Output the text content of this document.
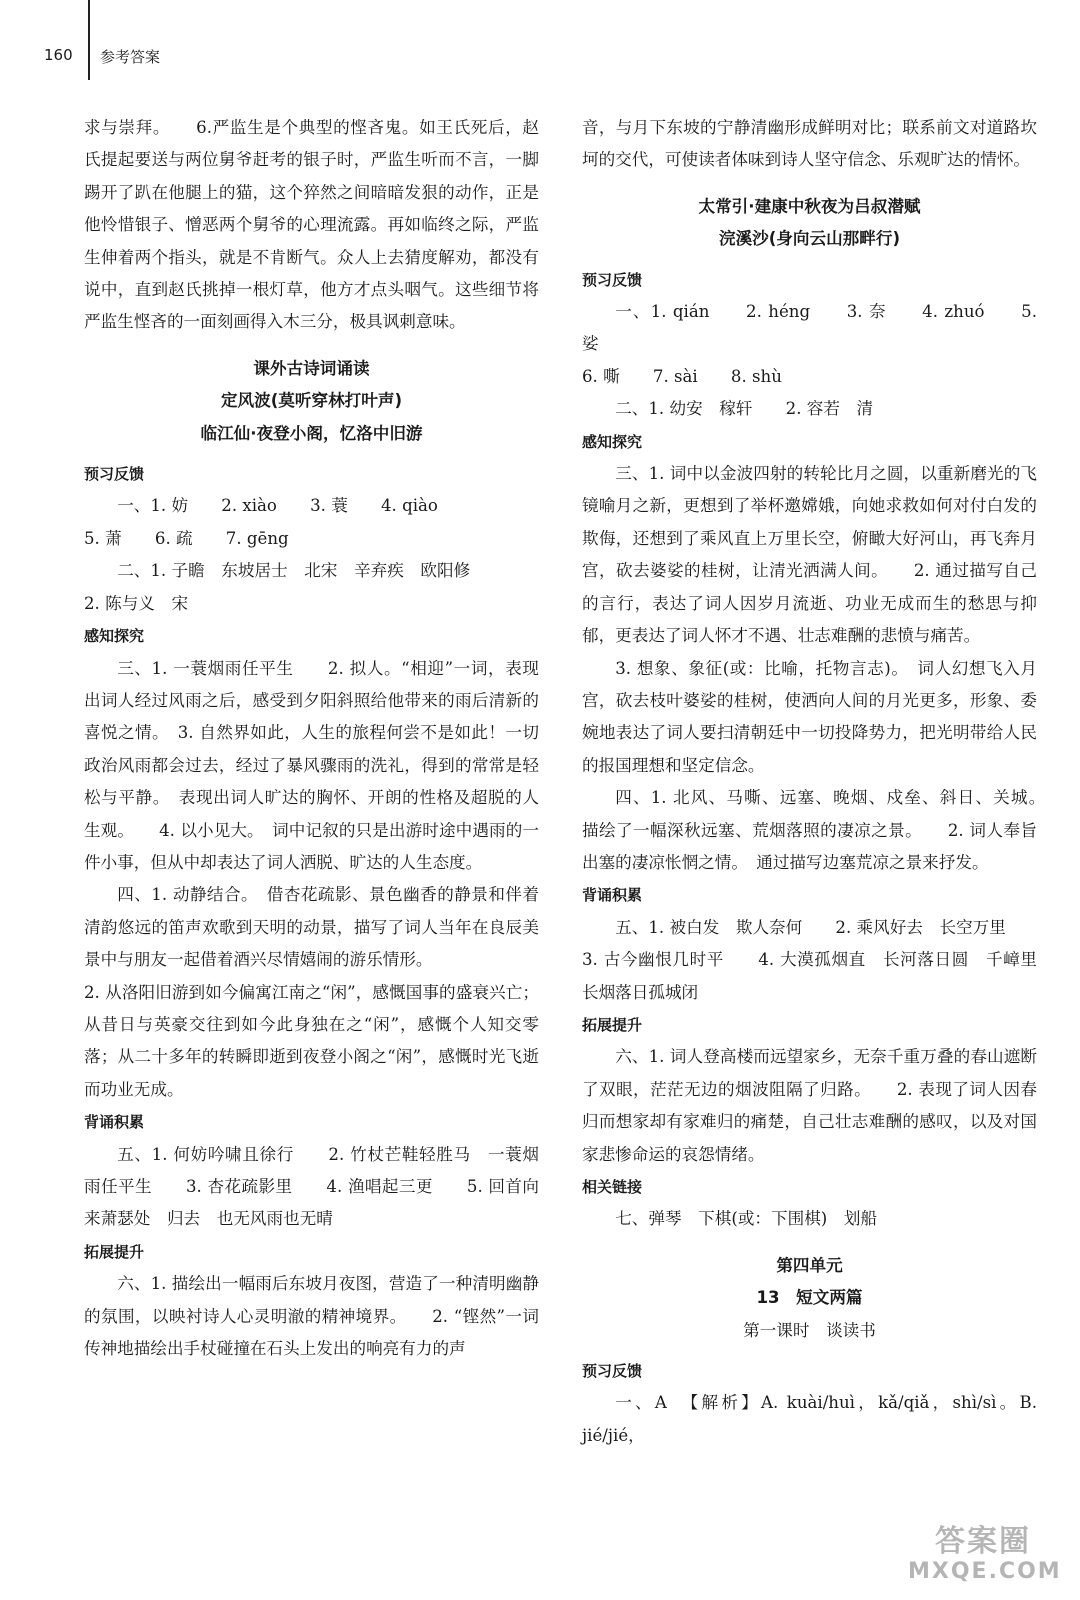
160 参考答案

求与崇拜。　　6.严监生是个典型的悭吝鬼。如王氏死后，赵氏提起要送与两位舅爷赶考的银子时，严监生听而不言，一脚踢开了趴在他腿上的猫，这个猝然之间暗暗发狠的动作，正是他怜惜银子、憎恶两个舅爷的心理流露。再如临终之际，严监生伸着两个指头，就是不肯断气。众人上去猜度解劝，都没有说中，直到赵氏挑掉一根灯草，他方才点头咽气。这些细节将严监生悭吝的一面刻画得入木三分，极具讽刺意味。

课外古诗词诵读

定风波(莫听穿林打叶声)

临江仙·夜登小阁，忆洛中旧游

预习反馈

一、1. 妨　　2. xiào　　3. 蓑　　4. qiào

5. 萧　　6. 疏　　7. gēng

二、1. 子瞻　东坡居士　北宋　辛弃疾　欧阳修

2. 陈与义　宋

感知探究

三、1. 一蓑烟雨任平生　　2. 拟人。“相迎”一词，表现出词人经过风雨之后，感受到夕阳斜照给他带来的雨后清新的喜悦之情。　3. 自然界如此，人生的旅程何尝不是如此！一切政治风雨都会过去，经过了暴风骤雨的洗礼，得到的常常是轻松与平静。　表现出词人旷达的胸怀、开朗的性格及超脱的人生观。　　4. 以小见大。　词中记叙的只是出游时途中遇雨的一件小事，但从中却表达了词人洒脱、旷达的人生态度。

四、1. 动静结合。　借杏花疏影、景色幽香的静景和伴着清韵悠远的笛声欢歌到天明的动景，描写了词人当年在良辰美景中与朋友一起借着酒兴尽情嬉闹的游乐情形。

2. 从洛阳旧游到如今偏寓江南之“闲”，感慨国事的盛衰兴亡；从昔日与英豪交往到如今此身独在之“闲”，感慨个人知交零落；从二十多年的转瞬即逝到夜登小阁之“闲”，感慨时光飞逝而功业无成。

背诵积累

五、1. 何妨吟啸且徐行　　2. 竹杖芒鞋轻胜马　一蓑烟雨任平生　　3. 杏花疏影里　　4. 渔唱起三更　　5. 回首向来萧瑟处　归去　也无风雨也无晴

拓展提升

六、1. 描绘出一幅雨后东坡月夜图，营造了一种清明幽静的氛围，以映衬诗人心灵明澈的精神境界。　　2. “铿然”一词传神地描绘出手杖碰撞在石头上发出的响亮有力的声

音，与月下东坡的宁静清幽形成鲜明对比；联系前文对道路坎坷的交代，可使读者体味到诗人坚守信念、乐观旷达的情怀。

太常引·建康中秋夜为吕叔潜赋

浣溪沙(身向云山那畔行)

预习反馈

一、1. qián　　2. héng　　3. 奈　　4. zhuó　　5. 娑

6. 嘶　　7. sài　　8. shù

二、1. 幼安　稼轩　　2. 容若　清

感知探究

三、1. 词中以金波四射的转轮比月之圆，以重新磨光的飞镜喻月之新，更想到了举杯邀嫦娥，向她求救如何对付白发的欺侮，还想到了乘风直上万里长空，俯瞰大好河山，再飞奔月宫，砍去婆娑的桂树，让清光洒满人间。　　2. 通过描写自己的言行，表达了词人因岁月流逝、功业无成而生的愁思与抑郁，更表达了词人怀才不遇、壮志难酬的悲愤与痛苦。

3. 想象、象征(或：比喻，托物言志)。　词人幻想飞入月宫，砍去枝叶婆娑的桂树，使洒向人间的月光更多，形象、委婉地表达了词人要扫清朝廷中一切投降势力，把光明带给人民的报国理想和坚定信念。

四、1. 北风、马嘶、远塞、晚烟、戍垒、斜日、关城。　描绘了一幅深秋远塞、荒烟落照的凄凉之景。　　2. 词人奉旨出塞的凄凉怅惘之情。　通过描写边塞荒凉之景来抒发。

背诵积累

五、1. 被白发　欺人奈何　　2. 乘风好去　长空万里

3. 古今幽恨几时平　　4. 大漠孤烟直　长河落日圆　千嶂里　长烟落日孤城闭

拓展提升

六、1. 词人登高楼而远望家乡，无奈千重万叠的春山遮断了双眼，茫茫无边的烟波阻隔了归路。　　2. 表现了词人因春归而想家却有家难归的痛楚，自己壮志难酬的感叹，以及对国家悲惨命运的哀怨情绪。

相关链接

七、弹琴　下棋(或：下围棋)　划船

第四单元

13　短文两篇

第一课时　谈读书

预习反馈

一、A　【解析】A. kuài/huì，kǎ/qiǎ，shì/sì。B. jié/jié，

答案圈
MXQE.COM
